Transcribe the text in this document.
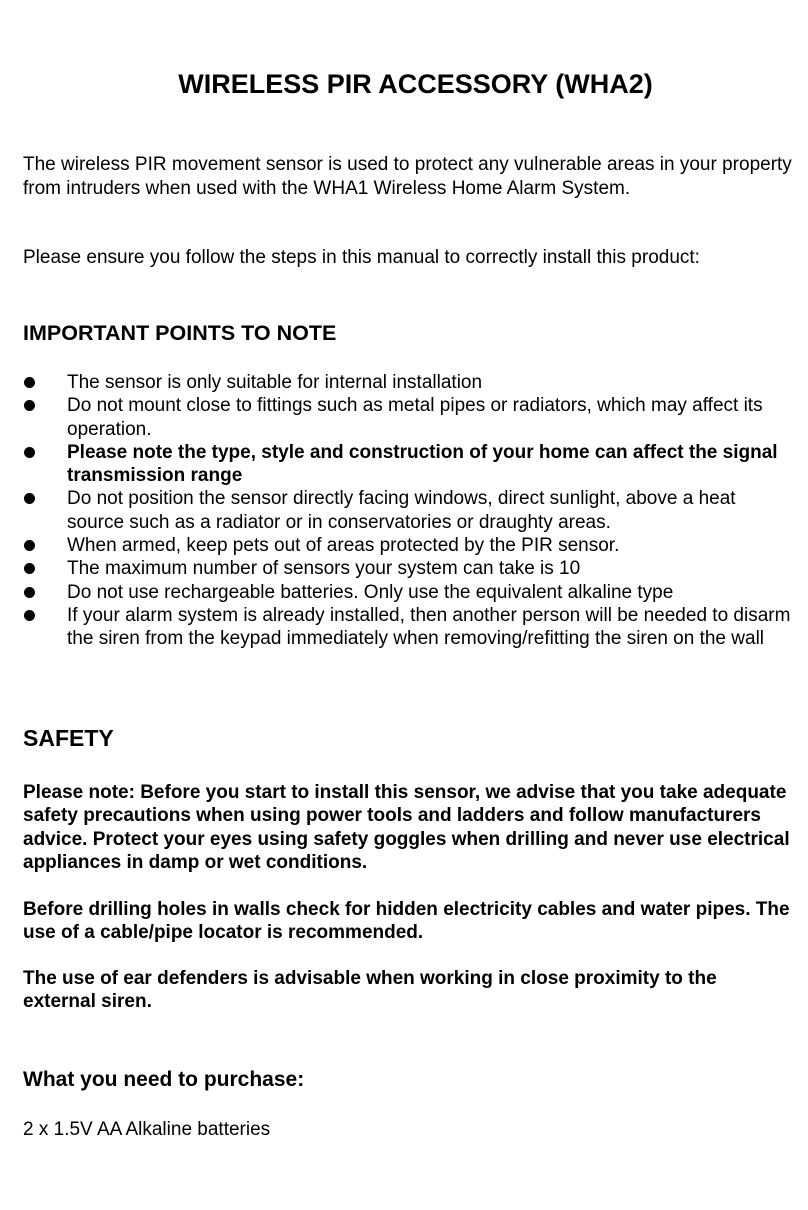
WIRELESS PIR ACCESSORY (WHA2)

The wireless PIR movement sensor is used to protect any vulnerable areas in your property from intruders when used with the WHA1 Wireless Home Alarm System.

Please ensure you follow the steps in this manual to correctly install this product:

IMPORTANT POINTS TO NOTE
The sensor is only suitable for internal installation
Do not mount close to fittings such as metal pipes or radiators, which may affect its operation.
Please note the type, style and construction of your home can affect the signal transmission range
Do not position the sensor directly facing windows, direct sunlight, above a heat source such as a radiator or in conservatories or draughty areas.
When armed, keep pets out of areas protected by the PIR sensor.
The maximum number of sensors your system can take is 10
Do not use rechargeable batteries. Only use the equivalent alkaline type
If your alarm system is already installed, then another person will be needed to disarm the siren from the keypad immediately when removing/refitting the siren on the wall
SAFETY

Please note: Before you start to install this sensor, we advise that you take adequate safety precautions when using power tools and ladders and follow manufacturers advice. Protect your eyes using safety goggles when drilling and never use electrical appliances in damp or wet conditions.

Before drilling holes in walls check for hidden electricity cables and water pipes. The use of a cable/pipe locator is recommended.

The use of ear defenders is advisable when working in close proximity to the external siren.

What you need to purchase:

2 x 1.5V AA Alkaline batteries
